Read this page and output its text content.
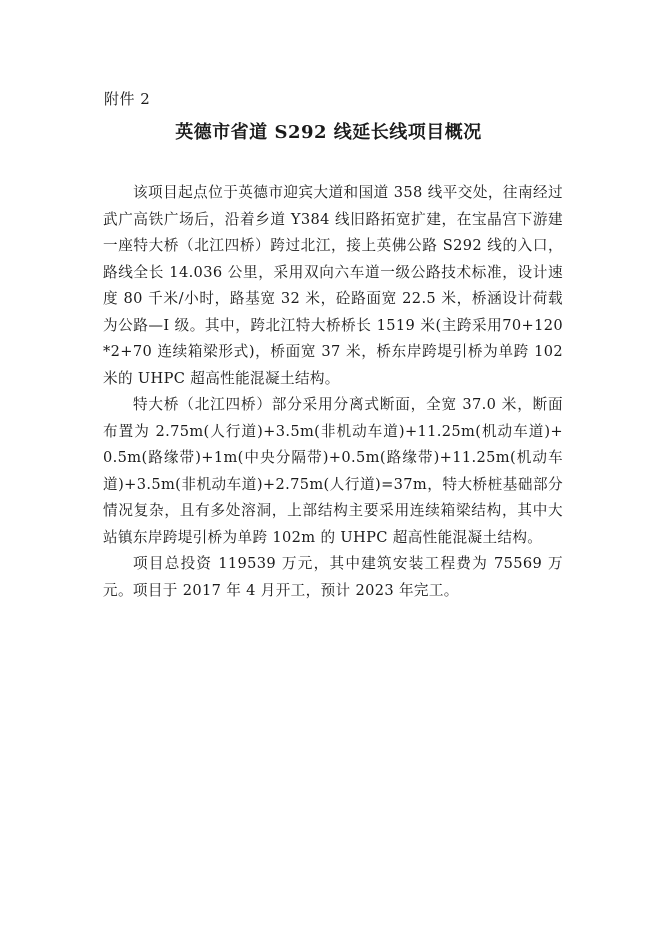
附件 2
英德市省道 S292 线延长线项目概况

该项目起点位于英德市迎宾大道和国道 358 线平交处，往南经过武广高铁广场后，沿着乡道 Y384 线旧路拓宽扩建，在宝晶宫下游建一座特大桥（北江四桥）跨过北江，接上英佛公路 S292 线的入口，路线全长 14.036 公里，采用双向六车道一级公路技术标准，设计速度 80 千米/小时，路基宽 32 米，砼路面宽 22.5 米，桥涵设计荷载为公路—I 级。其中，跨北江特大桥桥长 1519 米(主跨采用70+120*2+70 连续箱梁形式)，桥面宽 37 米，桥东岸跨堤引桥为单跨 102 米的 UHPC 超高性能混凝土结构。

特大桥（北江四桥）部分采用分离式断面，全宽 37.0 米，断面布置为 2.75m(人行道)+3.5m(非机动车道)+11.25m(机动车道)+0.5m(路缘带)+1m(中央分隔带)+0.5m(路缘带)+11.25m(机动车道)+3.5m(非机动车道)+2.75m(人行道)=37m，特大桥桩基础部分情况复杂，且有多处溶洞，上部结构主要采用连续箱梁结构，其中大站镇东岸跨堤引桥为单跨 102m 的 UHPC 超高性能混凝土结构。

项目总投资 119539 万元，其中建筑安装工程费为 75569 万元。项目于 2017 年 4 月开工，预计 2023 年完工。
